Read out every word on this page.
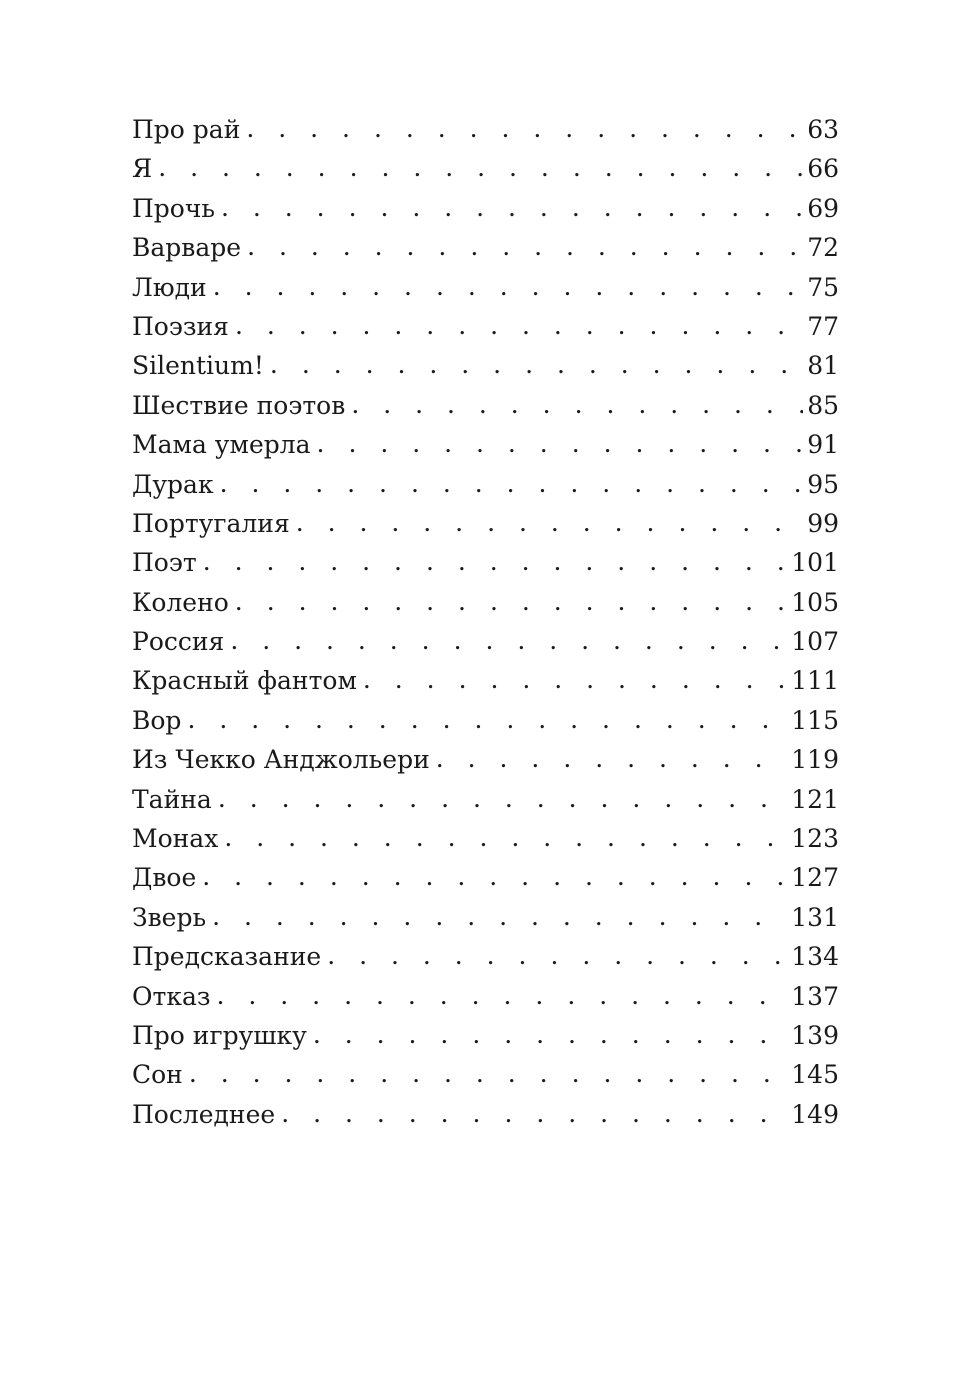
Про рай . . .	63
Я . . .	66
Прочь . . .	69
Варваре . . .	72
Люди . . .	75
Поэзия . . .	77
Silentium! . . .	81
Шествие поэтов . . .	85
Мама умерла . . .	91
Дурак . . .	95
Португалия . . .	99
Поэт . . .	101
Колено . . .	105
Россия . . .	107
Красный фантом . . .	111
Вор . . .	115
Из Чекко Анджольери . . .	119
Тайна . . .	121
Монах . . .	123
Двое . . .	127
Зверь . . .	131
Предсказание . . .	134
Отказ . . .	137
Про игрушку . . .	139
Сон . . .	145
Последнее . . .	149
